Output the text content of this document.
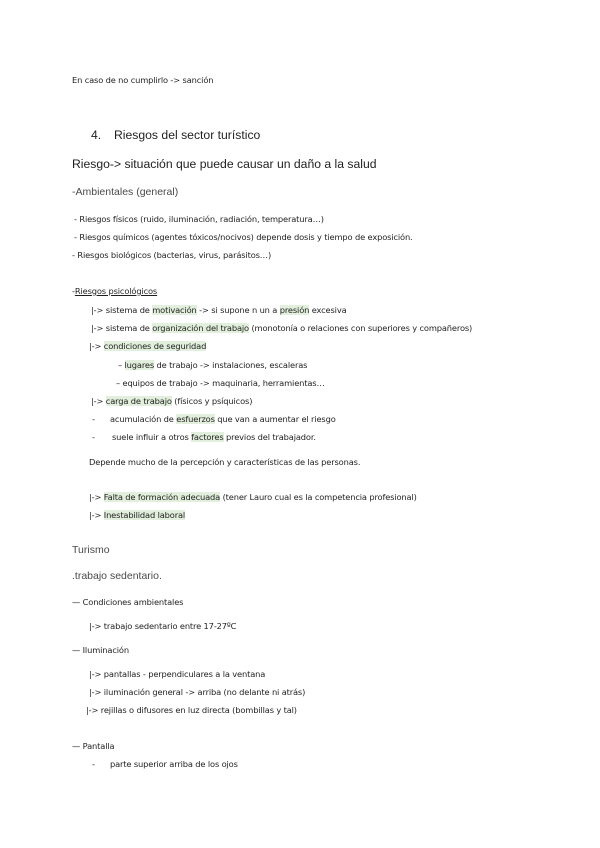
En caso de no cumplirlo -> sanción
4. Riesgos del sector turístico
Riesgo-> situación que puede causar un daño a la salud
-Ambientales (general)
- Riesgos físicos (ruido, iluminación, radiación, temperatura…)
- Riesgos químicos (agentes tóxicos/nocivos) depende dosis y tiempo de exposición.
- Riesgos biológicos (bacterias, virus, parásitos…)
-Riesgos psicológicos
|-> sistema de motivación -> si supone n un a presión excesiva
|-> sistema de organización del trabajo (monotonía o relaciones con superiores y compañeros)
|-> condiciones de seguridad
– lugares de trabajo -> instalaciones, escaleras
– equipos de trabajo -> maquinaria, herramientas…
|-> carga de trabajo (físicos y psíquicos)
- acumulación de esfuerzos que van a aumentar el riesgo
- suele influir a otros factores previos del trabajador.
Depende mucho de la percepción y características de las personas.
|-> Falta de formación adecuada (tener Lauro cual es la competencia profesional)
|-> Inestabilidad laboral
Turismo
.trabajo sedentario.
— Condiciones ambientales
|-> trabajo sedentario entre 17-27ºC
— Iluminación
|-> pantallas - perpendiculares a la ventana
|-> iluminación general -> arriba (no delante ni atrás)
|-> rejillas o difusores en luz directa (bombillas y tal)
— Pantalla
- parte superior arriba de los ojos
